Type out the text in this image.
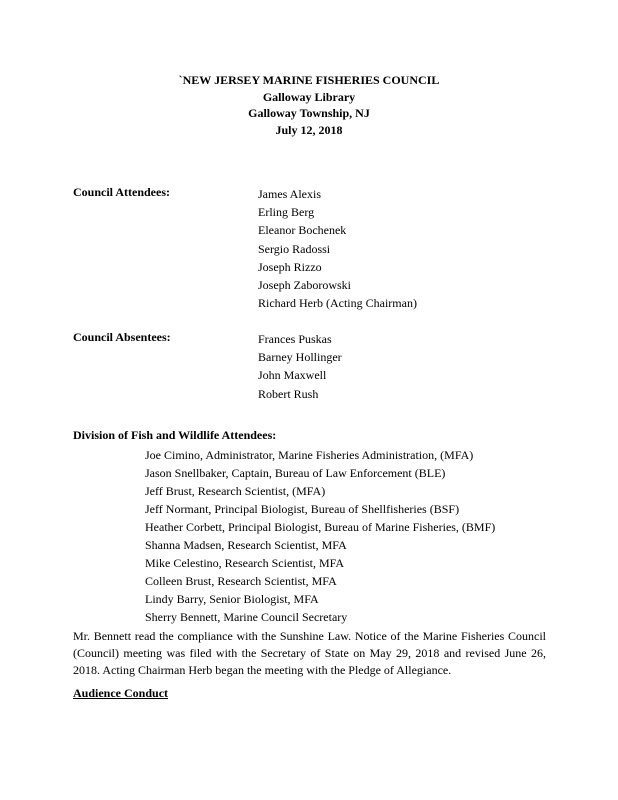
`NEW JERSEY MARINE FISHERIES COUNCIL
Galloway Library
Galloway Township, NJ
July 12, 2018
Council Attendees:	James Alexis
Erling Berg
Eleanor Bochenek
Sergio Radossi
Joseph Rizzo
Joseph Zaborowski
Richard Herb (Acting Chairman)
Council Absentees:	Frances Puskas
Barney Hollinger
John Maxwell
Robert Rush
Division of Fish and Wildlife Attendees:
Joe Cimino, Administrator, Marine Fisheries Administration, (MFA)
Jason Snellbaker, Captain, Bureau of Law Enforcement (BLE)
Jeff Brust, Research Scientist, (MFA)
Jeff Normant, Principal Biologist, Bureau of Shellfisheries (BSF)
Heather Corbett, Principal Biologist, Bureau of Marine Fisheries, (BMF)
Shanna Madsen, Research Scientist, MFA
Mike Celestino, Research Scientist, MFA
Colleen Brust, Research Scientist, MFA
Lindy Barry, Senior Biologist, MFA
Sherry Bennett, Marine Council Secretary
Mr. Bennett read the compliance with the Sunshine Law. Notice of the Marine Fisheries Council
(Council) meeting was filed with the Secretary of State on May 29, 2018 and revised June 26,
2018. Acting Chairman Herb began the meeting with the Pledge of Allegiance.
Audience Conduct
